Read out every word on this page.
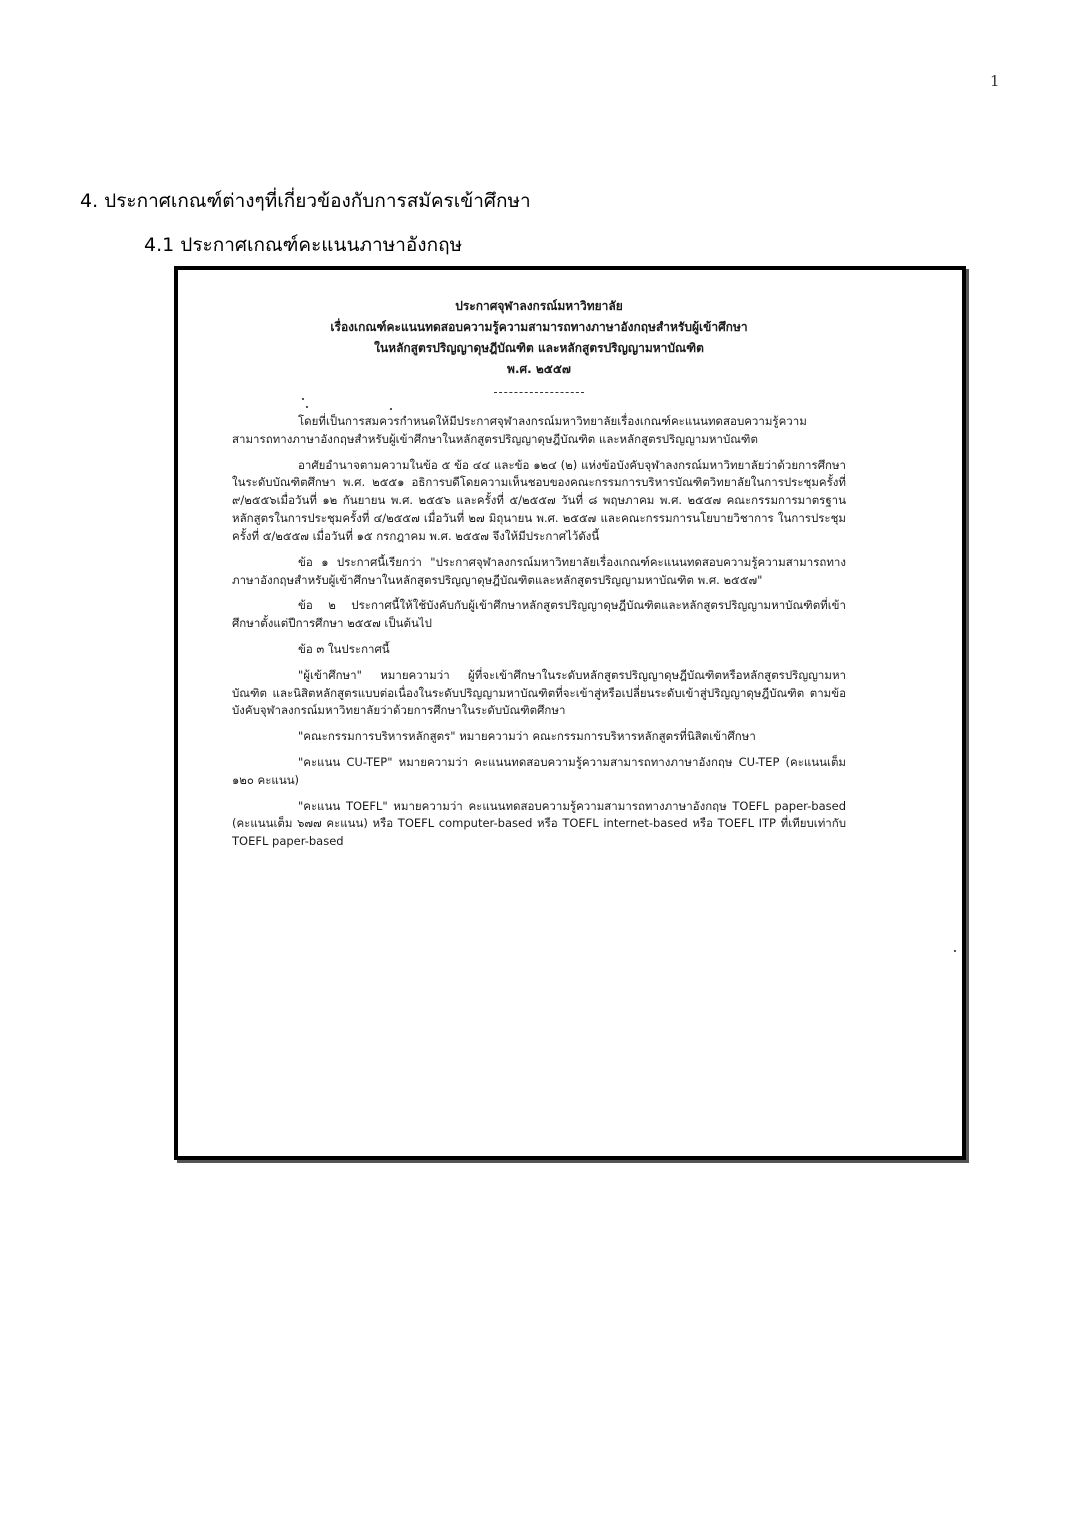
1
4. ประกาศเกณฑ์ต่างๆที่เกี่ยวข้องกับการสมัครเข้าศึกษา
4.1 ประกาศเกณฑ์คะแนนภาษาอังกฤษ

ประกาศจุฬาลงกรณ์มหาวิทยาลัย

เรื่องเกณฑ์คะแนนทดสอบความรู้ความสามารถทางภาษาอังกฤษสำหรับผู้เข้าศึกษา

ในหลักสูตรปริญญาดุษฎีบัณฑิต และหลักสูตรปริญญามหาบัณฑิต

พ.ศ. ๒๕๕๗

โดยที่เป็นการสมควรกำหนดให้มีประกาศจุฬาลงกรณ์มหาวิทยาลัยเรื่องเกณฑ์คะแนนทดสอบความรู้ความสามารถทางภาษาอังกฤษสำหรับผู้เข้าศึกษาในหลักสูตรปริญญาดุษฎีบัณฑิต และหลักสูตรปริญญามหาบัณฑิต

อาศัยอำนาจตามความในข้อ ๕ ข้อ ๔๔ และข้อ ๑๒๔ (๒) แห่งข้อบังคับจุฬาลงกรณ์มหาวิทยาลัยว่าด้วยการศึกษาในระดับบัณฑิตศึกษา พ.ศ. ๒๕๕๑ อธิการบดีโดยความเห็นชอบของคณะกรรมการบริหารบัณฑิตวิทยาลัยในการประชุมครั้งที่ ๙/๒๕๕๖เมื่อวันที่ ๑๒ กันยายน พ.ศ. ๒๕๕๖ และครั้งที่ ๕/๒๕๕๗ วันที่ ๘ พฤษภาคม พ.ศ. ๒๕๕๗ คณะกรรมการมาตรฐานหลักสูตรในการประชุมครั้งที่ ๔/๒๕๕๗ เมื่อวันที่ ๒๗ มิถุนายน พ.ศ. ๒๕๕๗ และคณะกรรมการนโยบายวิชาการ ในการประชุมครั้งที่ ๕/๒๕๕๗ เมื่อวันที่ ๑๕ กรกฎาคม พ.ศ. ๒๕๕๗ จึงให้มีประกาศไว้ดังนี้

ข้อ ๑ ประกาศนี้เรียกว่า "ประกาศจุฬาลงกรณ์มหาวิทยาลัยเรื่องเกณฑ์คะแนนทดสอบความรู้ความสามารถทางภาษาอังกฤษสำหรับผู้เข้าศึกษาในหลักสูตรปริญญาดุษฎีบัณฑิตและหลักสูตรปริญญามหาบัณฑิต พ.ศ. ๒๕๕๗"

ข้อ ๒ ประกาศนี้ให้ใช้บังคับกับผู้เข้าศึกษาหลักสูตรปริญญาดุษฎีบัณฑิตและหลักสูตรปริญญามหาบัณฑิตที่เข้าศึกษาตั้งแต่ปีการศึกษา ๒๕๕๗ เป็นต้นไป

ข้อ ๓ ในประกาศนี้

"ผู้เข้าศึกษา" หมายความว่า ผู้ที่จะเข้าศึกษาในระดับหลักสูตรปริญญาดุษฎีบัณฑิตหรือหลักสูตรปริญญามหาบัณฑิต และนิสิตหลักสูตรแบบต่อเนื่องในระดับปริญญามหาบัณฑิตที่จะเข้าสู่หรือเปลี่ยนระดับเข้าสู่ปริญญาดุษฎีบัณฑิต ตามข้อบังคับจุฬาลงกรณ์มหาวิทยาลัยว่าด้วยการศึกษาในระดับบัณฑิตศึกษา

"คณะกรรมการบริหารหลักสูตร" หมายความว่า คณะกรรมการบริหารหลักสูตรที่นิสิตเข้าศึกษา

"คะแนน CU-TEP" หมายความว่า คะแนนทดสอบความรู้ความสามารถทางภาษาอังกฤษ CU-TEP (คะแนนเต็ม ๑๒๐ คะแนน)

"คะแนน TOEFL" หมายความว่า คะแนนทดสอบความรู้ความสามารถทางภาษาอังกฤษ TOEFL paper-based (คะแนนเต็ม ๖๗๗ คะแนน) หรือ TOEFL computer-based หรือ TOEFL internet-based หรือ TOEFL ITP ที่เทียบเท่ากับ TOEFL paper-based
